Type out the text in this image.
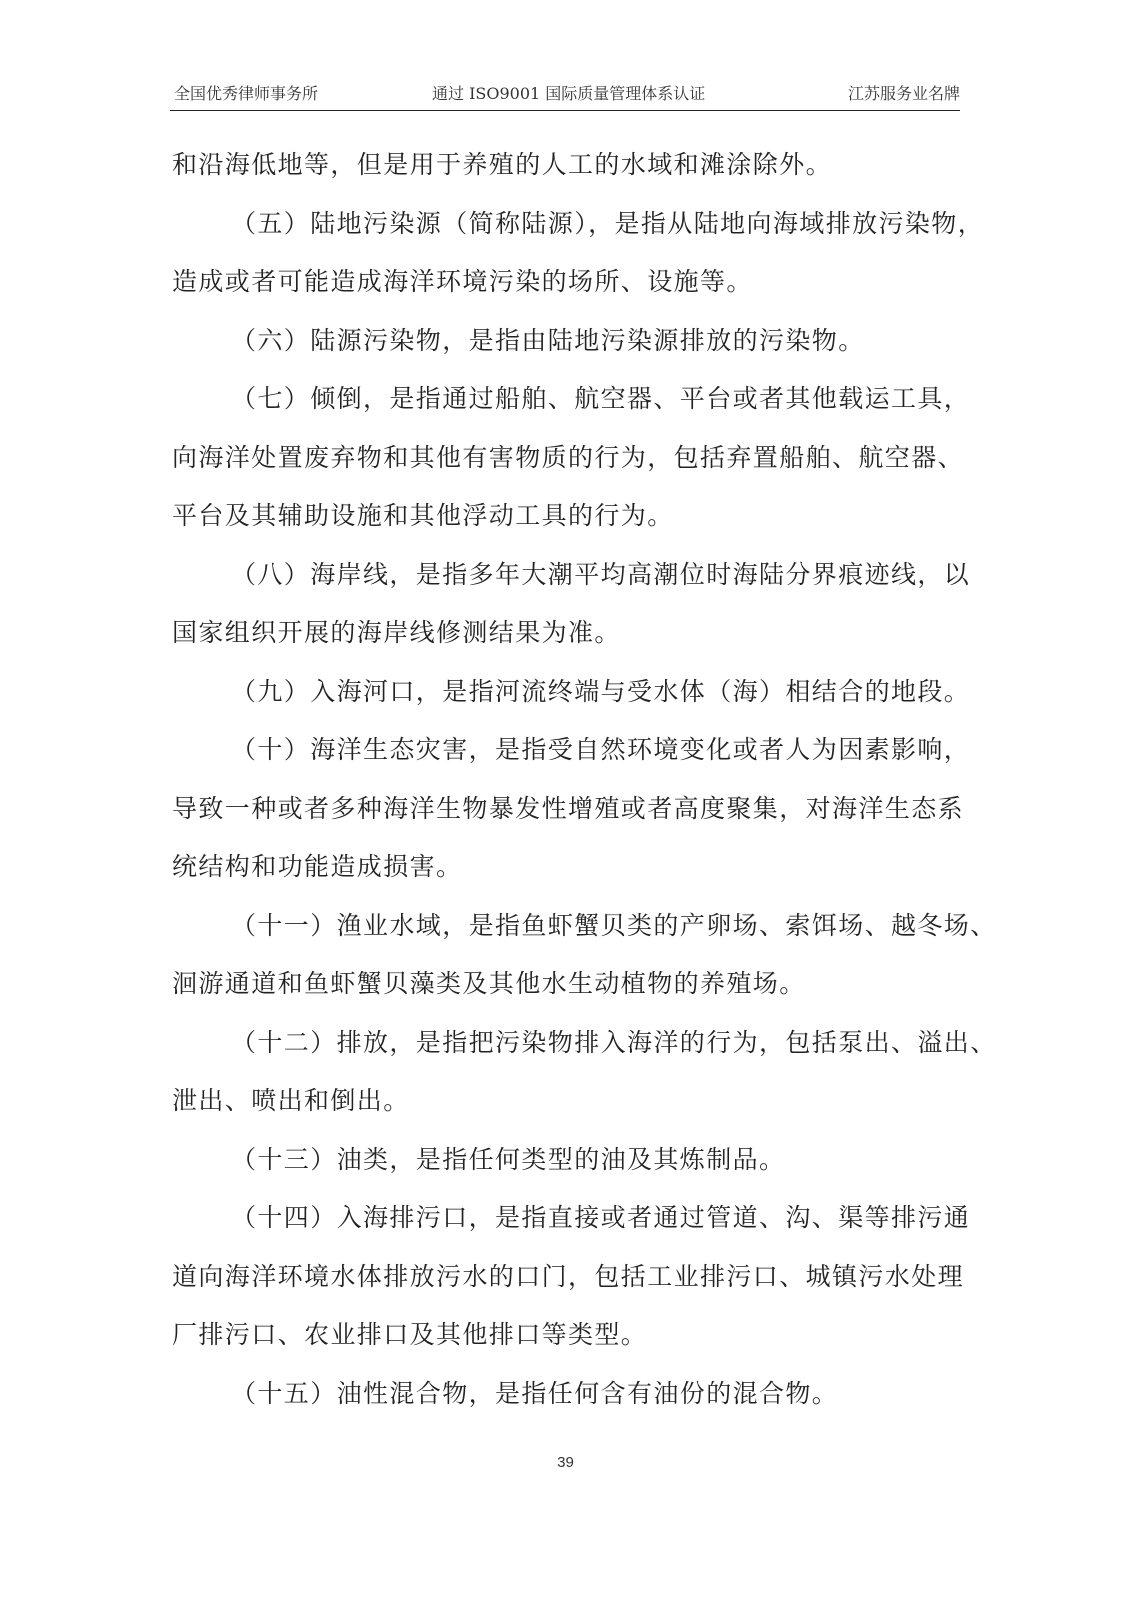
全国优秀律师事务所	通过 ISO9001 国际质量管理体系认证	江苏服务业名牌
和沿海低地等，但是用于养殖的人工的水域和滩涂除外。
（五）陆地污染源（简称陆源），是指从陆地向海域排放污染物，
造成或者可能造成海洋环境污染的场所、设施等。
（六）陆源污染物，是指由陆地污染源排放的污染物。
（七）倾倒，是指通过船舶、航空器、平台或者其他载运工具，
向海洋处置废弃物和其他有害物质的行为，包括弃置船舶、航空器、
平台及其辅助设施和其他浮动工具的行为。
（八）海岸线，是指多年大潮平均高潮位时海陆分界痕迹线，以
国家组织开展的海岸线修测结果为准。
（九）入海河口，是指河流终端与受水体（海）相结合的地段。
（十）海洋生态灾害，是指受自然环境变化或者人为因素影响，
导致一种或者多种海洋生物暴发性增殖或者高度聚集，对海洋生态系
统结构和功能造成损害。
（十一）渔业水域，是指鱼虾蟹贝类的产卵场、索饵场、越冬场、
洄游通道和鱼虾蟹贝藻类及其他水生动植物的养殖场。
（十二）排放，是指把污染物排入海洋的行为，包括泵出、溢出、
泄出、喷出和倒出。
（十三）油类，是指任何类型的油及其炼制品。
（十四）入海排污口，是指直接或者通过管道、沟、渠等排污通
道向海洋环境水体排放污水的口门，包括工业排污口、城镇污水处理
厂排污口、农业排口及其他排口等类型。
（十五）油性混合物，是指任何含有油份的混合物。
39
